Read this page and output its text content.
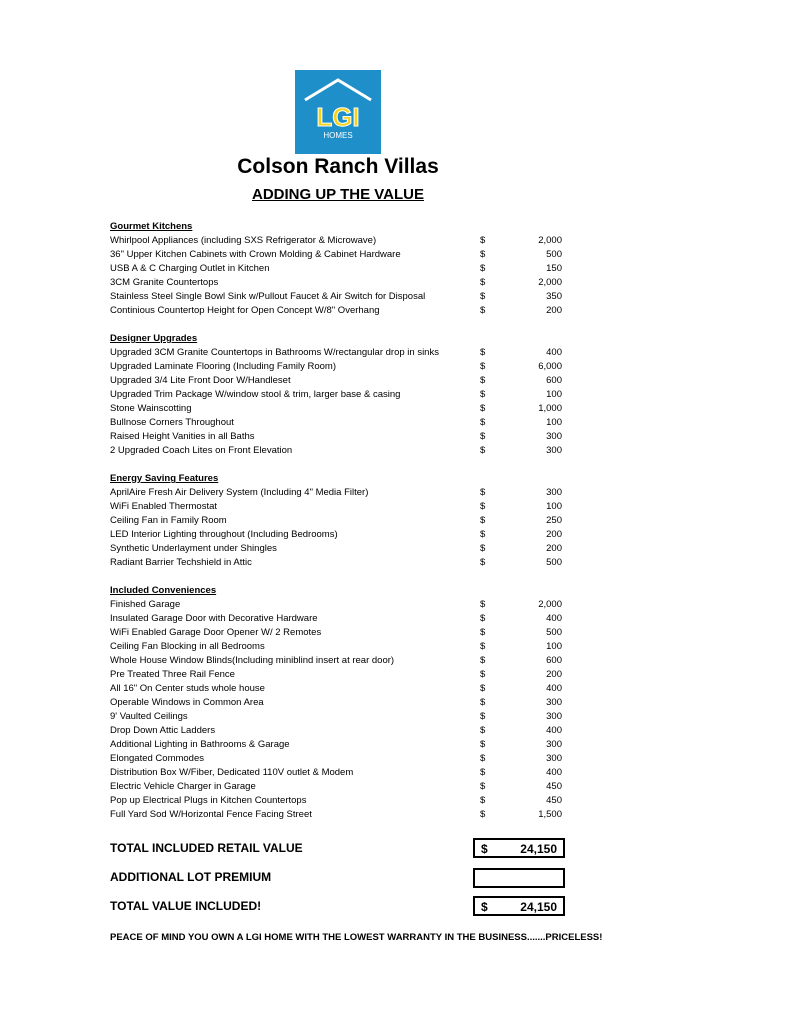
LGI
HOMES
Colson Ranch Villas
ADDING UP THE VALUE
Gourmet Kitchens
Whirlpool Appliances (including SXS Refrigerator & Microwave)	$	2,000
36" Upper Kitchen Cabinets with Crown Molding & Cabinet Hardware	$	500
USB A & C Charging Outlet in Kitchen	$	150
3CM Granite Countertops	$	2,000
Stainless Steel Single Bowl Sink w/Pullout Faucet & Air Switch for Disposal	$	350
Continious Countertop Height for Open Concept W/8" Overhang	$	200
Designer Upgrades
Upgraded 3CM Granite Countertops in Bathrooms W/rectangular drop in sinks	$	400
Upgraded Laminate Flooring (Including Family Room)	$	6,000
Upgraded 3/4 Lite Front Door W/Handleset	$	600
Upgraded Trim Package W/window stool & trim, larger base & casing	$	100
Stone Wainscotting	$	1,000
Bullnose Corners Throughout	$	100
Raised Height Vanities in all Baths	$	300
2 Upgraded Coach Lites on Front Elevation	$	300
Energy Saving Features
AprilAire Fresh Air Delivery System (Including 4" Media Filter)	$	300
WiFi Enabled Thermostat	$	100
Ceiling Fan in Family Room	$	250
LED Interior Lighting throughout (Including Bedrooms)	$	200
Synthetic Underlayment under Shingles	$	200
Radiant Barrier Techshield in Attic	$	500
Included Conveniences
Finished Garage	$	2,000
Insulated Garage Door with Decorative Hardware	$	400
WiFi Enabled Garage Door Opener W/ 2 Remotes	$	500
Ceiling Fan Blocking in all Bedrooms	$	100
Whole House Window Blinds(Including miniblind insert at rear door)	$	600
Pre Treated Three Rail Fence	$	200
All 16" On Center studs whole house	$	400
Operable Windows in Common Area	$	300
9' Vaulted Ceilings	$	300
Drop Down Attic Ladders	$	400
Additional Lighting in Bathrooms & Garage	$	300
Elongated Commodes	$	300
Distribution Box W/Fiber, Dedicated 110V outlet & Modem	$	400
Electric Vehicle Charger in Garage	$	450
Pop up Electrical Plugs in Kitchen Countertops	$	450
Full Yard Sod W/Horizontal Fence Facing Street	$	1,500
TOTAL INCLUDED RETAIL VALUE	$	24,150
ADDITIONAL LOT PREMIUM
TOTAL VALUE INCLUDED!	$	24,150
PEACE OF MIND YOU OWN A LGI HOME WITH THE LOWEST WARRANTY IN THE BUSINESS.......PRICELESS!
